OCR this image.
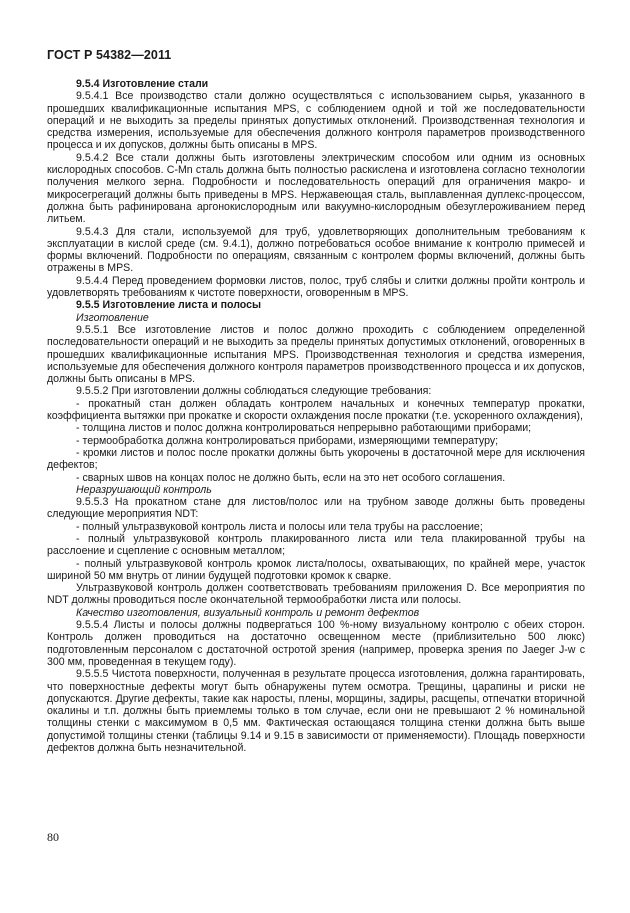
ГОСТ Р 54382—2011

9.5.4 Изготовление стали

9.5.4.1 Все производство стали должно осуществляться с использованием сырья, указанного в прошедших квалификационные испытания MPS, с соблюдением одной и той же последовательности операций и не выходить за пределы принятых допустимых отклонений. Производственная технология и средства измерения, используемые для обеспечения должного контроля параметров производственного процесса и их допусков, должны быть описаны в MPS.

9.5.4.2 Все стали должны быть изготовлены электрическим способом или одним из основных кислородных способов. C-Mn сталь должна быть полностью раскислена и изготовлена согласно технологии получения мелкого зерна. Подробности и последовательность операций для ограничения макро- и микросегрегаций должны быть приведены в MPS. Нержавеющая сталь, выплавленная дуплекс-процессом, должна быть рафинирована аргонокислородным или вакуумно-кислородным обезуглероживанием перед литьем.

9.5.4.3 Для стали, используемой для труб, удовлетворяющих дополнительным требованиям к эксплуатации в кислой среде (см. 9.4.1), должно потребоваться особое внимание к контролю примесей и формы включений. Подробности по операциям, связанным с контролем формы включений, должны быть отражены в MPS.

9.5.4.4 Перед проведением формовки листов, полос, труб слябы и слитки должны пройти контроль и удовлетворять требованиям к чистоте поверхности, оговоренным в MPS.

9.5.5 Изготовление листа и полосы

Изготовление

9.5.5.1 Все изготовление листов и полос должно проходить с соблюдением определенной последовательности операций и не выходить за пределы принятых допустимых отклонений, оговоренных в прошедших квалификационные испытания MPS. Производственная технология и средства измерения, используемые для обеспечения должного контроля параметров производственного процесса и их допусков, должны быть описаны в MPS.

9.5.5.2 При изготовлении должны соблюдаться следующие требования:

- прокатный стан должен обладать контролем начальных и конечных температур прокатки, коэффициента вытяжки при прокатке и скорости охлаждения после прокатки (т.е. ускоренного охлаждения),

- толщина листов и полос должна контролироваться непрерывно работающими приборами;

- термообработка должна контролироваться приборами, измеряющими температуру;

- кромки листов и полос после прокатки должны быть укорочены в достаточной мере для исключения дефектов;

- сварных швов на концах полос не должно быть, если на это нет особого соглашения.

Неразрушающий контроль

9.5.5.3 На прокатном стане для листов/полос или на трубном заводе должны быть проведены следующие мероприятия NDT:

- полный ультразвуковой контроль листа и полосы или тела трубы на расслоение;

- полный ультразвуковой контроль плакированного листа или тела плакированной трубы на расслоение и сцепление с основным металлом;

- полный ультразвуковой контроль кромок листа/полосы, охватывающих, по крайней мере, участок шириной 50 мм внутрь от линии будущей подготовки кромок к сварке.

Ультразвуковой контроль должен соответствовать требованиям приложения D. Все мероприятия по NDT должны проводиться после окончательной термообработки листа или полосы.

Качество изготовления, визуальный контроль и ремонт дефектов

9.5.5.4 Листы и полосы должны подвергаться 100 %-ному визуальному контролю с обеих сторон. Контроль должен проводиться на достаточно освещенном месте (приблизительно 500 люкс) подготовленным персоналом с достаточной остротой зрения (например, проверка зрения по Jaeger J-w с 300 мм, проведенная в текущем году).

9.5.5.5 Чистота поверхности, полученная в результате процесса изготовления, должна гарантировать, что поверхностные дефекты могут быть обнаружены путем осмотра. Трещины, царапины и риски не допускаются. Другие дефекты, такие как наросты, плены, морщины, задиры, расщепы, отпечатки вторичной окалины и т.п. должны быть приемлемы только в том случае, если они не превышают 2 % номинальной толщины стенки с максимумом в 0,5 мм. Фактическая остающаяся толщина стенки должна быть выше допустимой толщины стенки (таблицы 9.14 и 9.15 в зависимости от применяемости). Площадь поверхности дефектов должна быть незначительной.

80
